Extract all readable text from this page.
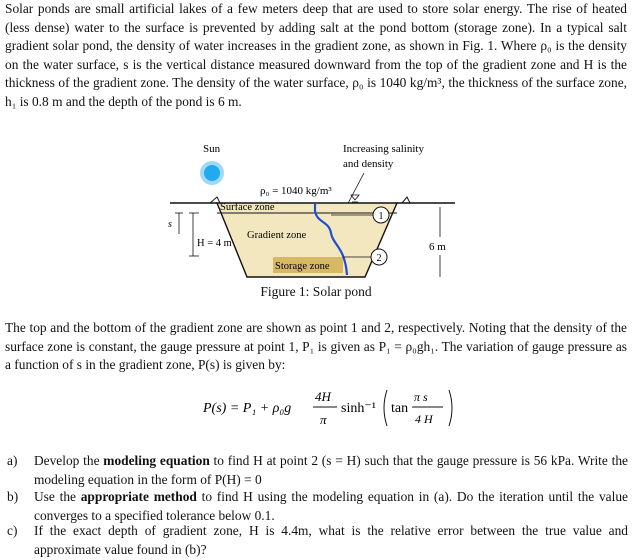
Solar ponds are small artificial lakes of a few meters deep that are used to store solar energy. The rise of heated (less dense) water to the surface is prevented by adding salt at the pond bottom (storage zone). In a typical salt gradient solar pond, the density of water increases in the gradient zone, as shown in Fig. 1. Where ρ₀ is the density on the water surface, s is the vertical distance measured downward from the top of the gradient zone and H is the thickness of the gradient zone. The density of the water surface, ρ₀ is 1040 kg/m³, the thickness of the surface zone, h₁ is 0.8 m and the depth of the pond is 6 m.

Sun	Increasing salinity
and density
ρ₀ = 1040 kg/m³
Surface zone
Gradient zone
Storage zone
1
2
s
H = 4 m	6 m
Figure 1: Solar pond

The top and the bottom of the gradient zone are shown as point 1 and 2, respectively. Noting that the density of the surface zone is constant, the gauge pressure at point 1, P₁ is given as P₁ = ρ₀gh₁. The variation of gauge pressure as a function of s in the gradient zone, P(s) is given by:

P(s) = P₁ + ρ₀g
4H
π
sinh⁻¹ tan
π s
4 H
a) Develop the modeling equation to find H at point 2 (s = H) such that the gauge pressure is 56 kPa. Write the modeling equation in the form of P(H) = 0
b) Use the appropriate method to find H using the modeling equation in (a). Do the iteration until the value converges to a specified tolerance below 0.1.
c) If the exact depth of gradient zone, H is 4.4m, what is the relative error between the true value and approximate value found in (b)?
